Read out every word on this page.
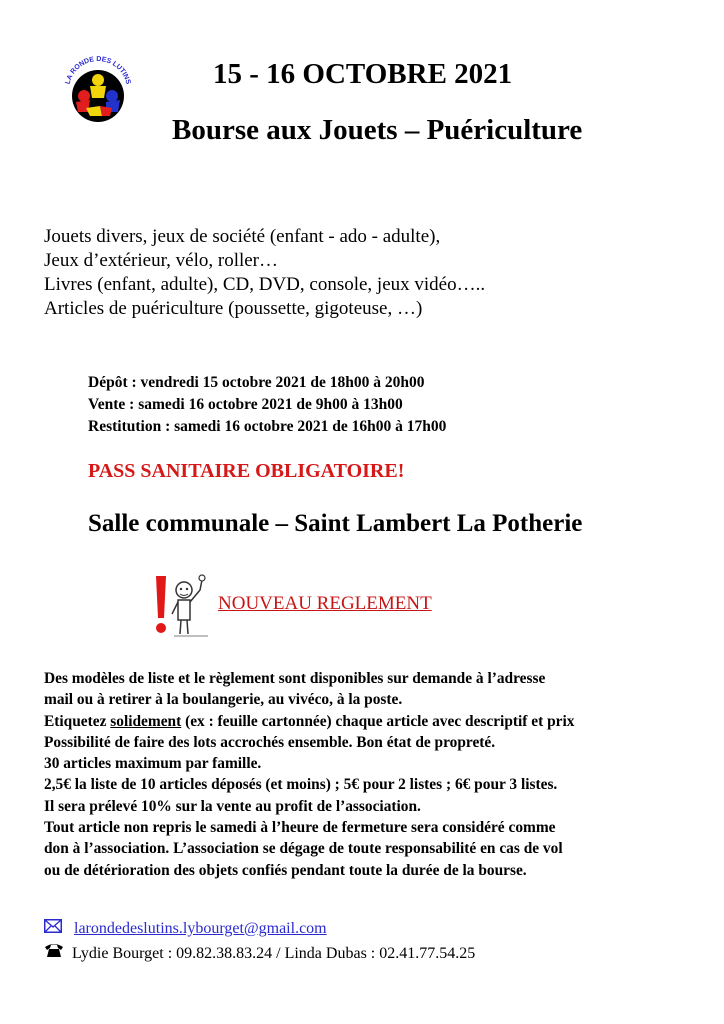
LA RONDE DES LUTINS	15 - 16 OCTOBRE 2021
Bourse aux Jouets – Puériculture
Jouets divers, jeux de société (enfant - ado - adulte),
Jeux d’extérieur, vélo, roller…
Livres (enfant, adulte), CD, DVD, console, jeux vidéo…..
Articles de puériculture (poussette, gigoteuse, …)
Dépôt : vendredi 15 octobre 2021 de 18h00 à 20h00
Vente : samedi 16 octobre 2021 de 9h00 à 13h00
Restitution : samedi 16 octobre 2021 de 16h00 à 17h00
PASS SANITAIRE OBLIGATOIRE!
Salle communale – Saint Lambert La Potherie
NOUVEAU REGLEMENT
Des modèles de liste et le règlement sont disponibles sur demande à l’adresse
mail ou à retirer à la boulangerie, au vivéco, à la poste.
Etiquetez solidement (ex : feuille cartonnée) chaque article avec descriptif et prix
Possibilité de faire des lots accrochés ensemble. Bon état de propreté.
30 articles maximum par famille.
2,5€ la liste de 10 articles déposés (et moins) ; 5€ pour 2 listes ; 6€ pour 3 listes.
Il sera prélevé 10% sur la vente au profit de l’association.
Tout article non repris le samedi à l’heure de fermeture sera considéré comme
don à l’association. L’association se dégage de toute responsabilité en cas de vol
ou de détérioration des objets confiés pendant toute la durée de la bourse.
larondedeslutins.lybourget@gmail.com
Lydie Bourget : 09.82.38.83.24 / Linda Dubas : 02.41.77.54.25
